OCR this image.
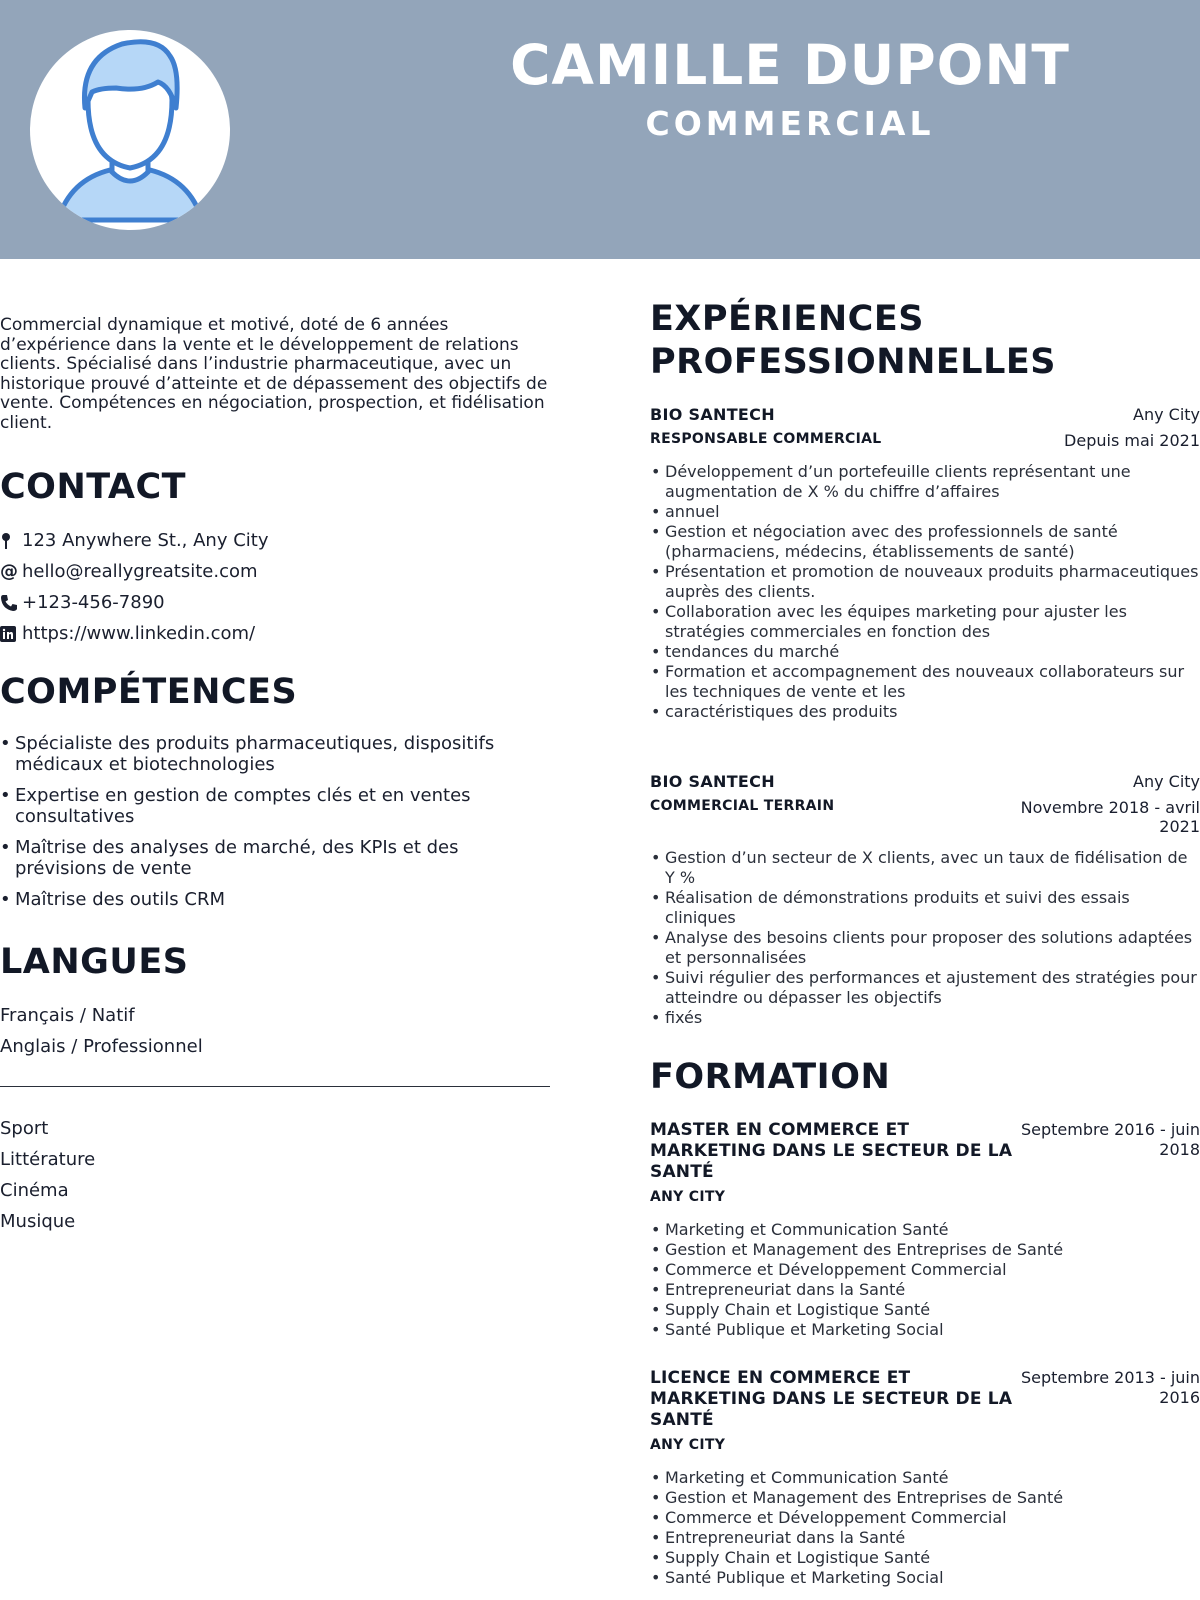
CAMILLE DUPONT
COMMERCIAL

Commercial dynamique et motivé, doté de 6 années d’expérience dans la vente et le développement de relations clients. Spécialisé dans l’industrie pharmaceutique, avec un historique prouvé d’atteinte et de dépassement des objectifs de vente. Compétences en négociation, prospection, et fidélisation client.

CONTACT
123 Anywhere St., Any City
@ hello@reallygreatsite.com
+123-456-7890
https://www.linkedin.com/
COMPÉTENCES
• Spécialiste des produits pharmaceutiques, dispositifs médicaux et biotechnologies
• Expertise en gestion de comptes clés et en ventes consultatives
• Maîtrise des analyses de marché, des KPIs et des prévisions de vente
• Maîtrise des outils CRM
LANGUES
Français / Natif
Anglais / Professionnel
Sport
Littérature
Cinéma
Musique
EXPÉRIENCES PROFESSIONNELLES
BIO SANTECH	Any City
RESPONSABLE COMMERCIAL	Depuis mai 2021
• Développement d’un portefeuille clients représentant une augmentation de X % du chiffre d’affaires
• annuel
• Gestion et négociation avec des professionnels de santé (pharmaciens, médecins, établissements de santé)
• Présentation et promotion de nouveaux produits pharmaceutiques auprès des clients.
• Collaboration avec les équipes marketing pour ajuster les stratégies commerciales en fonction des
• tendances du marché
• Formation et accompagnement des nouveaux collaborateurs sur les techniques de vente et les
• caractéristiques des produits
BIO SANTECH	Any City
COMMERCIAL TERRAIN	Novembre 2018 - avril 2021
• Gestion d’un secteur de X clients, avec un taux de fidélisation de Y %
• Réalisation de démonstrations produits et suivi des essais cliniques
• Analyse des besoins clients pour proposer des solutions adaptées et personnalisées
• Suivi régulier des performances et ajustement des stratégies pour atteindre ou dépasser les objectifs
• fixés
FORMATION
MASTER EN COMMERCE ET MARKETING DANS LE SECTEUR DE LA SANTÉ
Septembre 2016 - juin 2018
ANY CITY
• Marketing et Communication Santé
• Gestion et Management des Entreprises de Santé
• Commerce et Développement Commercial
• Entrepreneuriat dans la Santé
• Supply Chain et Logistique Santé
• Santé Publique et Marketing Social
LICENCE EN COMMERCE ET MARKETING DANS LE SECTEUR DE LA SANTÉ
Septembre 2013 - juin 2016
ANY CITY
• Marketing et Communication Santé
• Gestion et Management des Entreprises de Santé
• Commerce et Développement Commercial
• Entrepreneuriat dans la Santé
• Supply Chain et Logistique Santé
• Santé Publique et Marketing Social
